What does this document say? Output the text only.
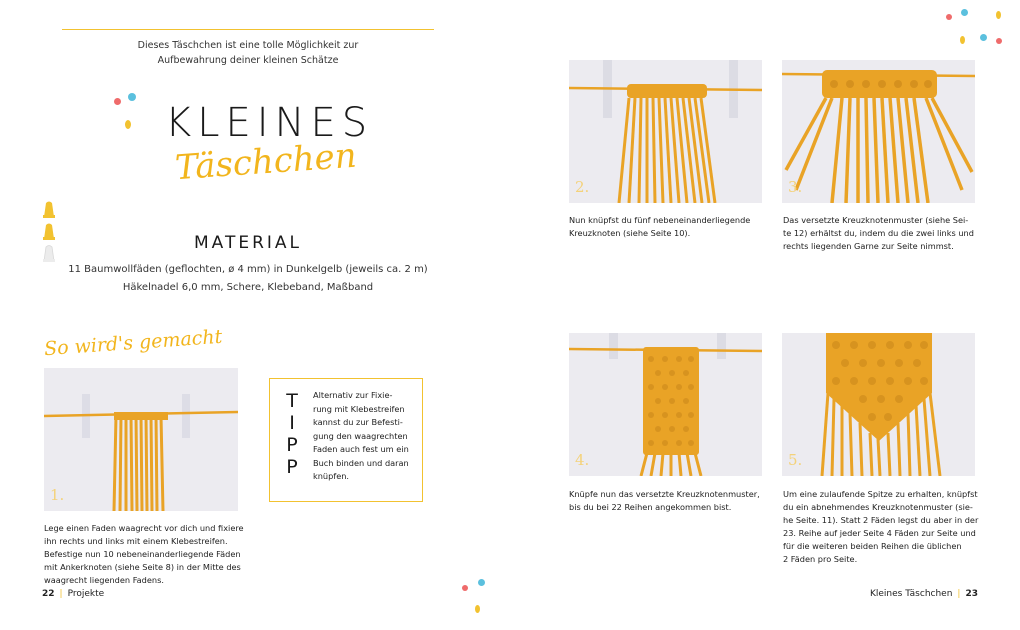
Dieses Täschchen ist eine tolle Möglichkeit zur
Aufbewahrung deiner kleinen Schätze
KLEINES
Täschchen
MATERIAL
11 Baumwollfäden (geflochten, ø 4 mm) in Dunkelgelb (jeweils ca. 2 m)
Häkelnadel 6,0 mm, Schere, Klebeband, Maßband
So wird's gemacht
1.
Lege einen Faden waagrecht vor dich und fixiere
ihn rechts und links mit einem Klebestreifen.
Befestige nun 10 nebeneinanderliegende Fäden
mit Ankerknoten (siehe Seite 8) in der Mitte des
waagrecht liegenden Fadens.
T
I
P
P
Alternativ zur Fixie-
rung mit Klebestreifen
kannst du zur Befesti-
gung den waagrechten
Faden auch fest um ein
Buch binden und daran
knüpfen.
22 | Projekte
2.
Nun knüpfst du fünf nebeneinanderliegende
Kreuzknoten (siehe Seite 10).
3.
Das versetzte Kreuzknotenmuster (siehe Sei-
te 12) erhältst du, indem du die zwei links und
rechts liegenden Garne zur Seite nimmst.
4.
Knüpfe nun das versetzte Kreuzknotenmuster,
bis du bei 22 Reihen angekommen bist.
5.
Um eine zulaufende Spitze zu erhalten, knüpfst
du ein abnehmendes Kreuzknotenmuster (sie-
he Seite. 11). Statt 2 Fäden legst du aber in der
23. Reihe auf jeder Seite 4 Fäden zur Seite und
für die weiteren beiden Reihen die üblichen
2 Fäden pro Seite.
Kleines Täschchen | 23
